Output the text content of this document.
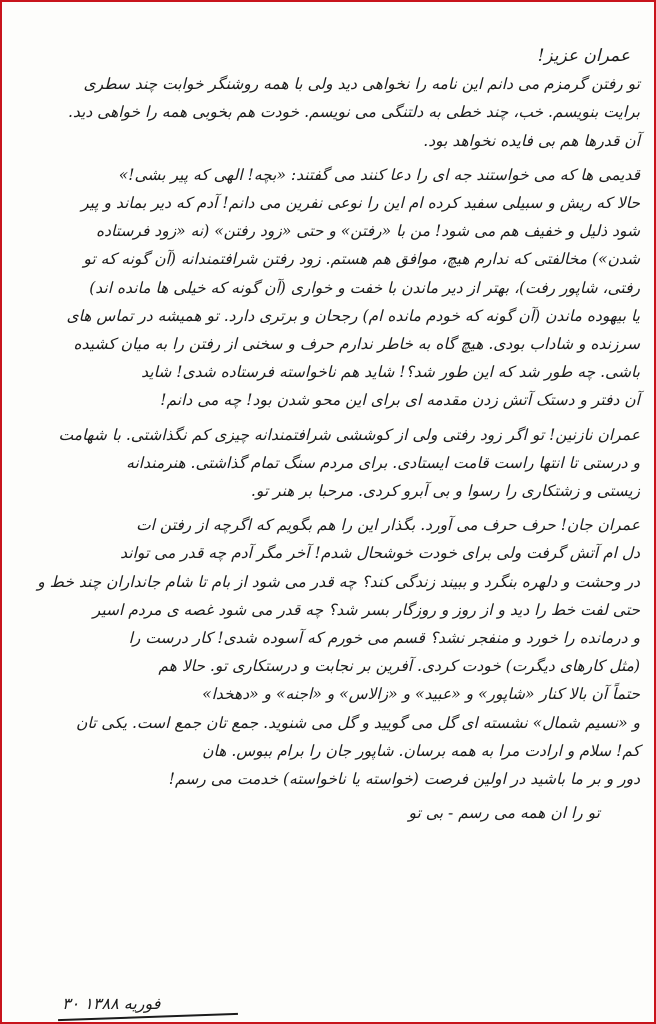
عمران عزیز!
تو رفتن گرمزم می دانم این نامه را نخواهی دید ولی با همه روشنگر خوابت چند سطری
برایت بنویسم. خب، چند خطی به دلتنگی می نویسم. خودت هم بخوبی همه را خواهی دید.
آن قدرها هم بی فایده نخواهد بود.
قدیمی ها که می خواستند جه ای را دعا کنند می گفتند: «بچه! الهی که پیر بشی!»
حالا که ریش و سبیلی سفید کرده ام این را نوعی نفرین می دانم! آدم که دیر بماند و پیر
شود ذلیل و خفیف هم می شود! من با «رفتن» و حتی «زود رفتن» (نه «زود فرستاده
شدن») مخالفتی که ندارم هیچ، موافق هم هستم. زود رفتن شرافتمندانه (آن گونه که تو
رفتی، شاپور رفت)، بهتر از دیر ماندن با خفت و خواری (آن گونه که خیلی ها مانده اند)
یا بیهوده ماندن (آن گونه که خودم مانده ام) رجحان و برتری دارد. تو همیشه در تماس های
سرزنده و شاداب بودی. هیچ گاه به خاطر ندارم حرف و سخنی از رفتن را به میان کشیده
باشی. چه طور شد که این طور شد؟! شاید هم ناخواسته فرستاده شدی! شاید
آن دفتر و دستک آتش زدن مقدمه ای برای این محو شدن بود! چه می دانم!
عمران نازنین! تو اگر زود رفتی ولی از کوششی شرافتمندانه چیزی کم نگذاشتی. با شهامت
و درستی تا انتها راست قامت ایستادی. برای مردم سنگ تمام گذاشتی. هنرمندانه
زیستی و زشتکاری را رسوا و بی آبرو کردی. مرحبا بر هنر تو.
عمران جان! حرف حرف می آورد. بگذار این را هم بگویم که اگرچه از رفتن ات
دل ام آتش گرفت ولی برای خودت خوشحال شدم! آخر مگر آدم چه قدر می تواند
در وحشت و دلهره بنگرد و ببیند زندگی کند؟ چه قدر می شود از بام تا شام جانداران چند خط و
حتی لفت خط را دید و از روز و روزگار بسر شد؟ چه قدر می شود غصه ی مردم اسیر
و درمانده را خورد و منفجر نشد؟ قسم می خورم که آسوده شدی! کار درست را
(مثل کارهای دیگرت) خودت کردی. آفرین بر نجابت و درستکاری تو. حالا هم
حتماً آن بالا کنار «شاپور» و «عبید» و «زالاس» و «اجنه» و «دهخدا»
و «نسیم شمال» نشسته ای گل می گویید و گل می شنوید. جمع تان جمع است. یکی تان
کم! سلام و ارادت مرا به همه برسان. شاپور جان را برام ببوس. هان
دور و بر ما باشید در اولین فرصت (خواسته یا ناخواسته) خدمت می رسم!
تو را ان همه می رسم - بی تو
۳۰ فوریه ۱۳۸۸
